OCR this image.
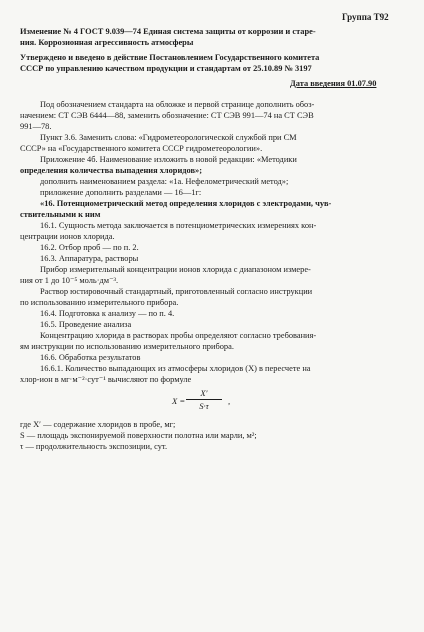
Группа Т92
Изменение № 4 ГОСТ 9.039—74 Единая система защиты от коррозии и старе-
ния. Коррозионная агрессивность атмосферы
Утверждено и введено в действие Постановлением Государственного комитета
СССР по управлению качеством продукции и стандартам от 25.10.89 № 3197
Дата введения 01.07.90
Под обозначением стандарта на обложке и первой странице дополнить обоз-
начением: СТ СЭВ 6444—88, заменить обозначение: СТ СЭВ 991—74 на СТ СЭВ
991—78.
Пункт 3.6. Заменить слова: «Гидрометеорологической службой при СМ
СССР» на «Государственного комитета СССР гидрометеорологии».
Приложение 4б. Наименование изложить в новой редакции: «Методики
определения количества выпадения хлоридов»;
дополнить наименованием раздела: «1а. Нефелометрический метод»;
приложение дополнить разделами — 16—1г:
«16. Потенциометрический метод определения хлоридов с электродами, чув-
ствительными к ним
16.1. Сущность метода заключается в потенциометрических измерениях кон-
центрации ионов хлорида.
16.2. Отбор проб — по п. 2.
16.3. Аппаратура, растворы
Прибор измерительный концентрации ионов хлорида с диапазоном измере-
ния от 1 до 10⁻⁵ моль·дм⁻³.
Раствор юстировочный стандартный, приготовленный согласно инструкции
по использованию измерительного прибора.
16.4. Подготовка к анализу — по п. 4.
16.5. Проведение анализа
Концентрацию хлорида в растворах пробы определяют согласно требования-
ям инструкции по использованию измерительного прибора.
16.6. Обработка результатов
16.6.1. Количество выпадающих из атмосферы хлоридов (X) в пересчете на
хлор-ион в мг·м⁻²·сут⁻¹ вычисляют по формуле
X =
X′
S·τ	,
где X′ — содержание хлоридов в пробе, мг;
S — площадь экспонируемой поверхности полотна или марли, м²;
τ — продолжительность экспозиции, сут.
